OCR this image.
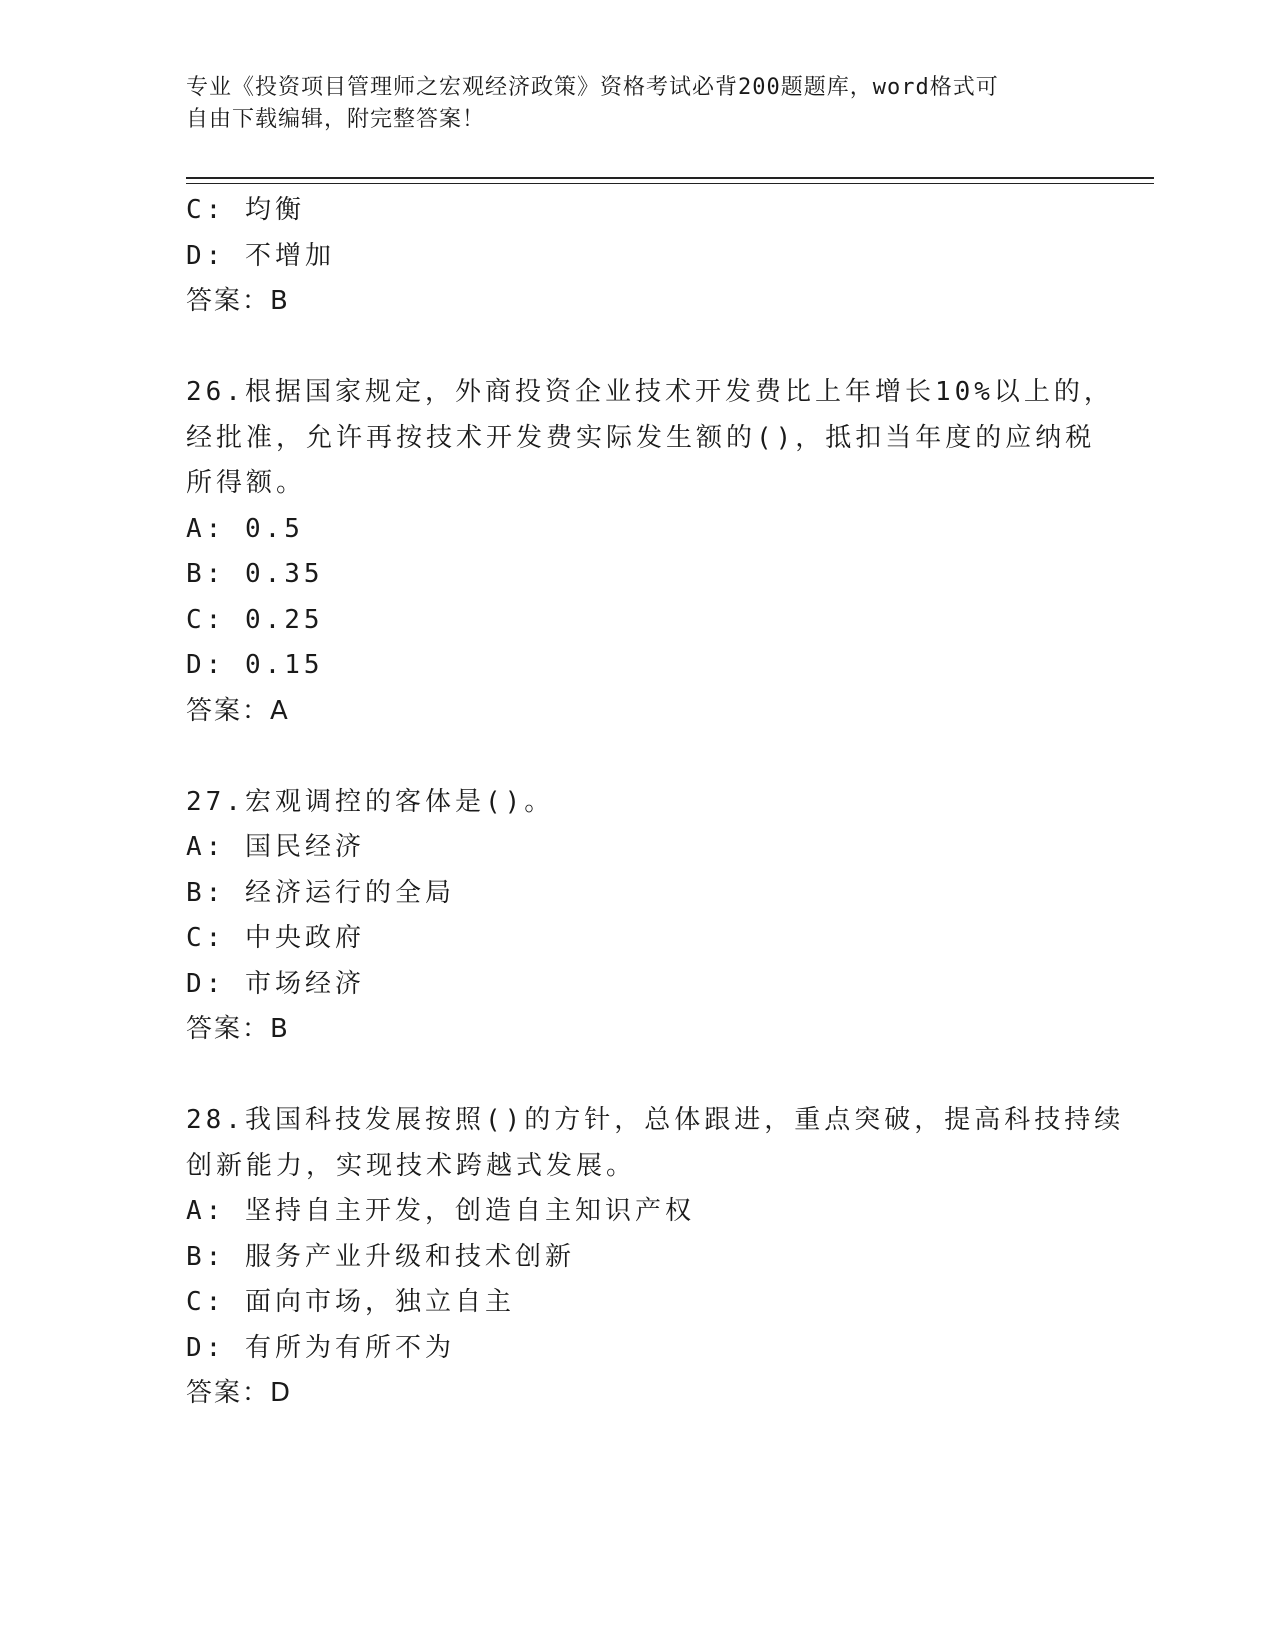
专业《投资项目管理师之宏观经济政策》资格考试必背200题题库，word格式可
自由下载编辑，附完整答案！
C: 均衡
D: 不增加
答案：B
26.根据国家规定，外商投资企业技术开发费比上年增长10%以上的，
经批准，允许再按技术开发费实际发生额的()，抵扣当年度的应纳税
所得额。
A: 0.5
B: 0.35
C: 0.25
D: 0.15
答案：A
27.宏观调控的客体是()。
A: 国民经济
B: 经济运行的全局
C: 中央政府
D: 市场经济
答案：B
28.我国科技发展按照()的方针，总体跟进，重点突破，提高科技持续
创新能力，实现技术跨越式发展。
A: 坚持自主开发，创造自主知识产权
B: 服务产业升级和技术创新
C: 面向市场，独立自主
D: 有所为有所不为
答案：D
